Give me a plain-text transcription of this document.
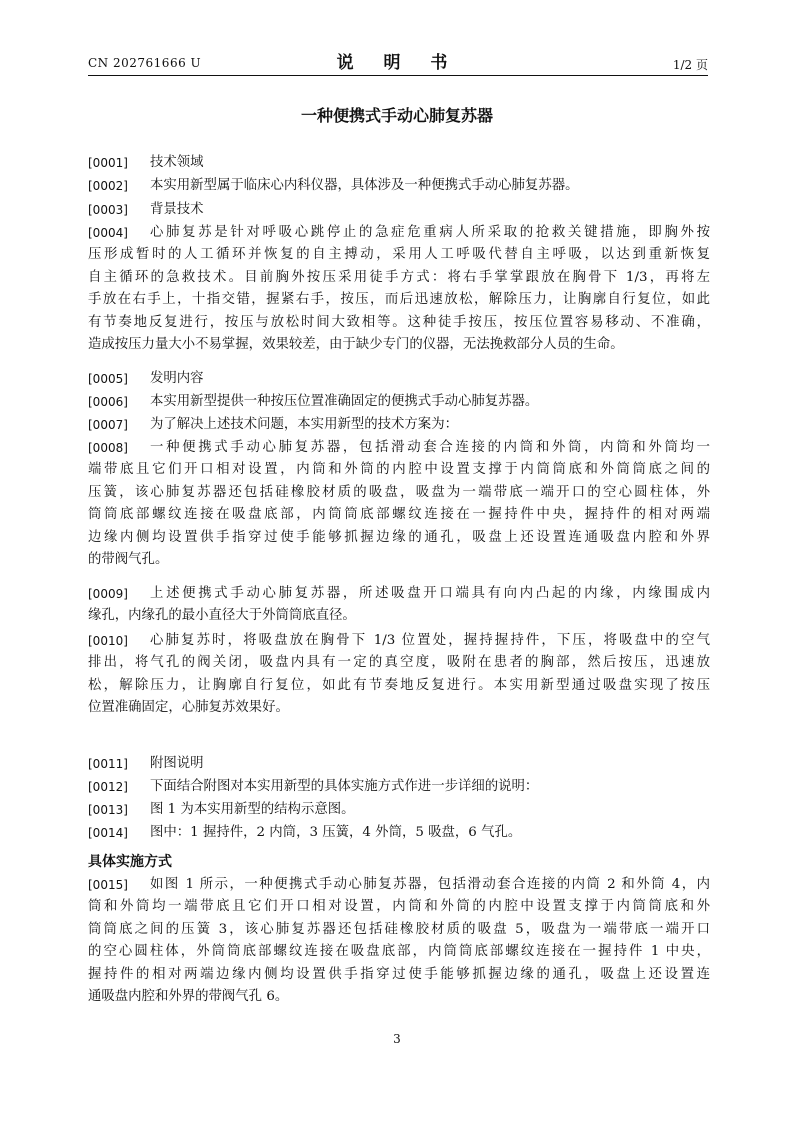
CN 202761666 U	说 明 书	1/2 页
一种便携式手动心肺复苏器
[0001] 技术领域
[0002] 本实用新型属于临床心内科仪器，具体涉及一种便携式手动心肺复苏器。
[0003] 背景技术
[0004] 心肺复苏是针对呼吸心跳停止的急症危重病人所采取的抢救关键措施，即胸外按
压形成暂时的人工循环并恢复的自主搏动，采用人工呼吸代替自主呼吸，以达到重新恢复
自主循环的急救技术。目前胸外按压采用徒手方式：将右手掌掌跟放在胸骨下 1/3，再将左
手放在右手上，十指交错，握紧右手，按压，而后迅速放松，解除压力，让胸廓自行复位，如此
有节奏地反复进行，按压与放松时间大致相等。这种徒手按压，按压位置容易移动、不准确，
造成按压力量大小不易掌握，效果较差，由于缺少专门的仪器，无法挽救部分人员的生命。
[0005] 发明内容
[0006] 本实用新型提供一种按压位置准确固定的便携式手动心肺复苏器。
[0007] 为了解决上述技术问题，本实用新型的技术方案为：
[0008] 一种便携式手动心肺复苏器，包括滑动套合连接的内筒和外筒，内筒和外筒均一
端带底且它们开口相对设置，内筒和外筒的内腔中设置支撑于内筒筒底和外筒筒底之间的
压簧，该心肺复苏器还包括硅橡胶材质的吸盘，吸盘为一端带底一端开口的空心圆柱体，外
筒筒底部螺纹连接在吸盘底部，内筒筒底部螺纹连接在一握持件中央，握持件的相对两端
边缘内侧均设置供手指穿过使手能够抓握边缘的通孔，吸盘上还设置连通吸盘内腔和外界
的带阀气孔。
[0009] 上述便携式手动心肺复苏器，所述吸盘开口端具有向内凸起的内缘，内缘围成内
缘孔，内缘孔的最小直径大于外筒筒底直径。
[0010] 心肺复苏时，将吸盘放在胸骨下 1/3 位置处，握持握持件，下压，将吸盘中的空气
排出，将气孔的阀关闭，吸盘内具有一定的真空度，吸附在患者的胸部，然后按压，迅速放
松，解除压力，让胸廓自行复位，如此有节奏地反复进行。本实用新型通过吸盘实现了按压
位置准确固定，心肺复苏效果好。
[0011] 附图说明
[0012] 下面结合附图对本实用新型的具体实施方式作进一步详细的说明：
[0013] 图 1 为本实用新型的结构示意图。
[0014] 图中：1 握持件，2 内筒，3 压簧，4 外筒，5 吸盘，6 气孔。
具体实施方式
[0015] 如图 1 所示，一种便携式手动心肺复苏器，包括滑动套合连接的内筒 2 和外筒 4，内
筒和外筒均一端带底且它们开口相对设置，内筒和外筒的内腔中设置支撑于内筒筒底和外
筒筒底之间的压簧 3，该心肺复苏器还包括硅橡胶材质的吸盘 5，吸盘为一端带底一端开口
的空心圆柱体，外筒筒底部螺纹连接在吸盘底部，内筒筒底部螺纹连接在一握持件 1 中央，
握持件的相对两端边缘内侧均设置供手指穿过使手能够抓握边缘的通孔，吸盘上还设置连
通吸盘内腔和外界的带阀气孔 6。
3
